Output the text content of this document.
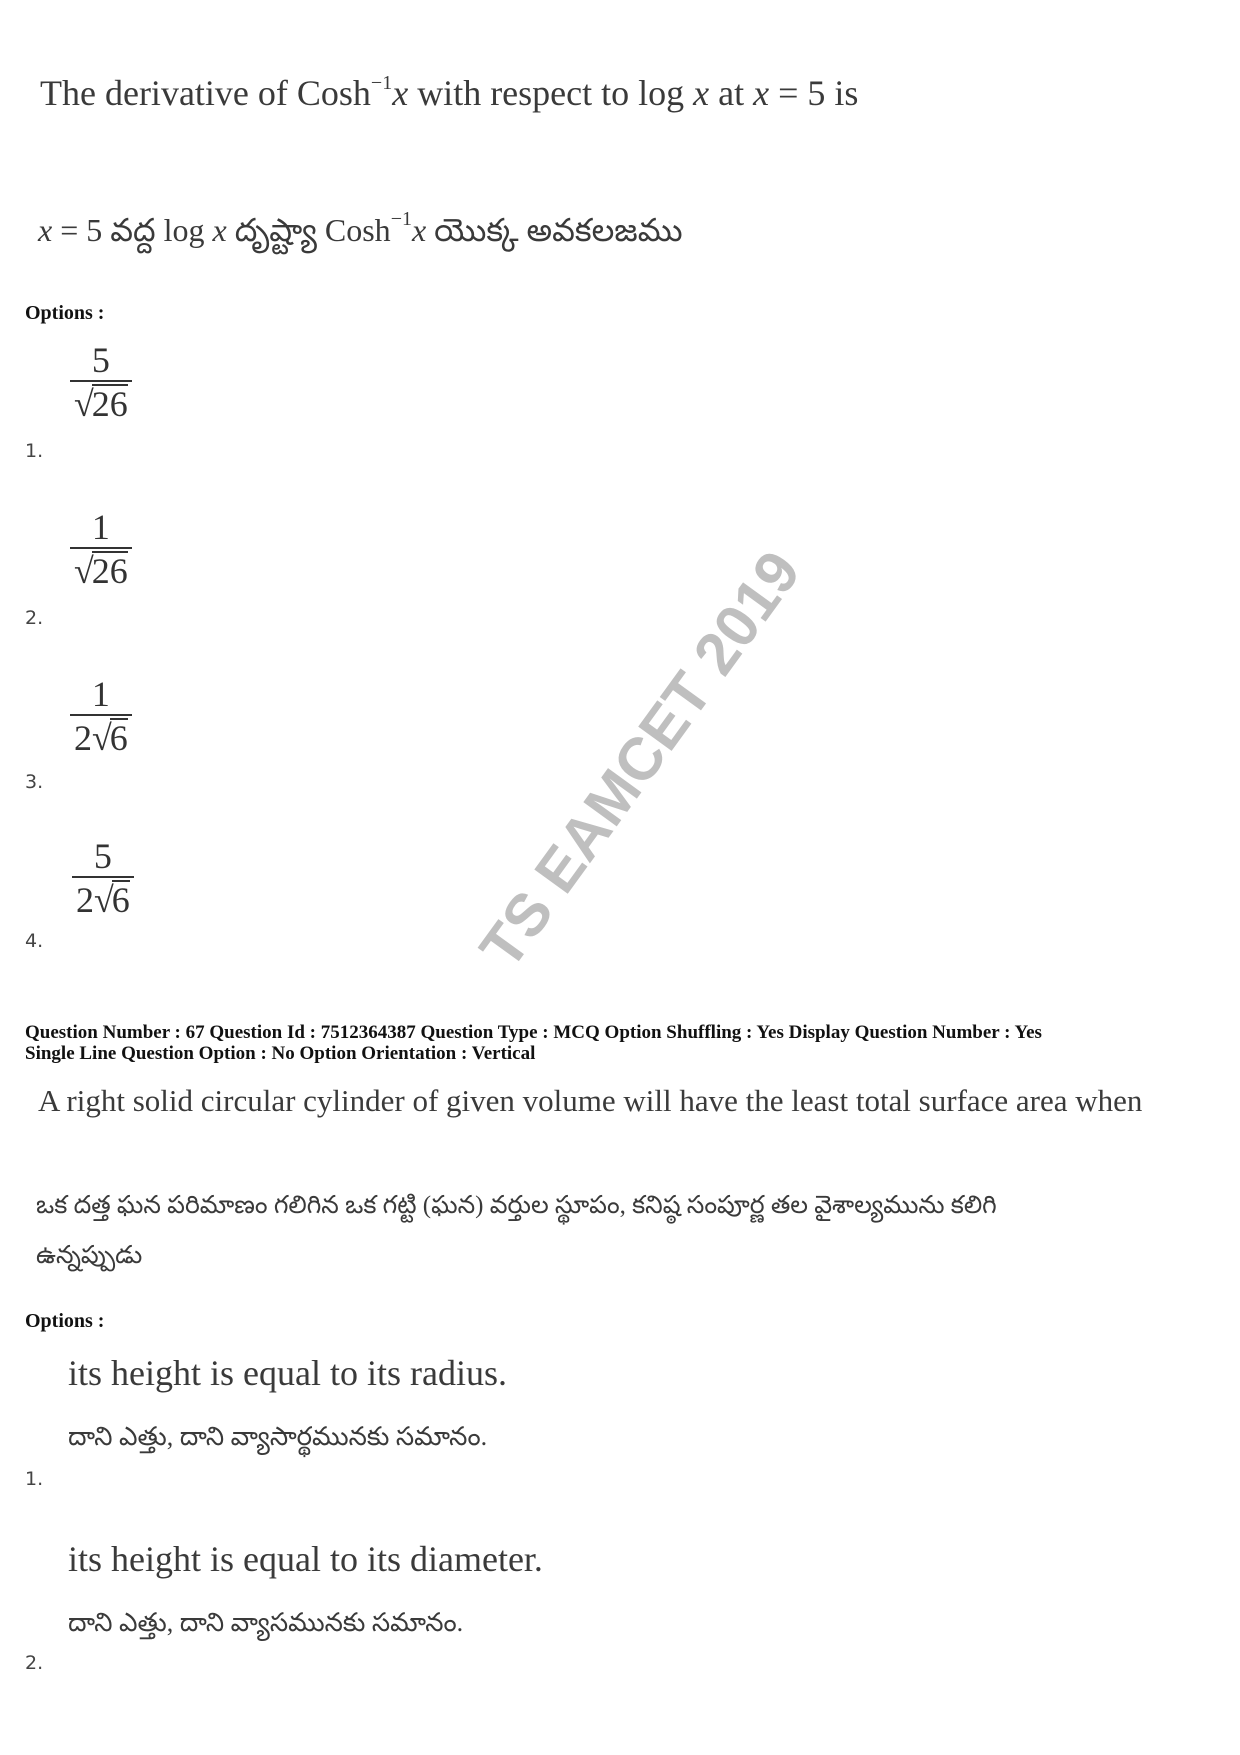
The derivative of Cosh$^{-1}$x with respect to log x at x = 5 is
x = 5 వద్ద log x దృష్ట్యా Cosh$^{-1}$x యొక్క అవకలజము
Options :
5
√26
1.
1
√26
2.
1
2√6
3.
5
2√6
4.
Question Number : 67 Question Id : 7512364387 Question Type : MCQ Option Shuffling : Yes Display Question Number : Yes
Single Line Question Option : No Option Orientation : Vertical
A right solid circular cylinder of given volume will have the least total surface area when
ఒక దత్త ఘన పరిమాణం గలిగిన ఒక గట్టి (ఘన) వర్తుల స్థూపం, కనిష్ఠ సంపూర్ణ తల వైశాల్యమును కలిగి
ఉన్నప్పుడు
Options :
its height is equal to its radius.
దాని ఎత్తు, దాని వ్యాసార్థమునకు సమానం.
1.
its height is equal to its diameter.
దాని ఎత్తు, దాని వ్యాసమునకు సమానం.
2.
TS EAMCET 2019
